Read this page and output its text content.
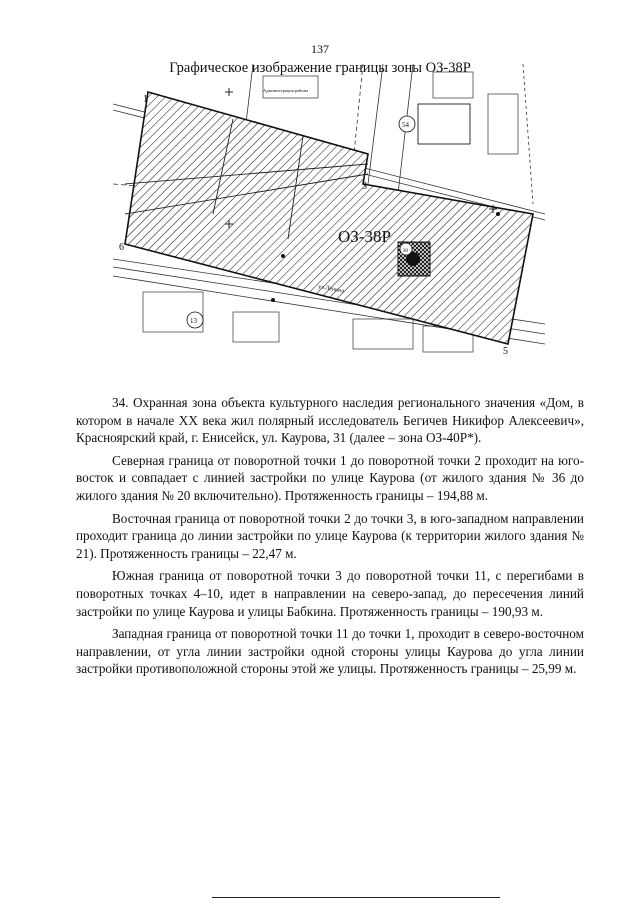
137
Графическое изображение границы зоны ОЗ-38Р
38
54
13
ОЗ-38Р
1
3
5
6
ул.Ленина
Администрация района

34. Охранная зона объекта культурного наследия регионального значения «Дом, в котором в начале XX века жил полярный исследователь Бегичев Никифор Алексеевич», Красноярский край, г. Енисейск, ул. Каурова, 31 (далее – зона ОЗ-40Р*).

Северная граница от поворотной точки 1 до поворотной точки 2 проходит на юго-восток и совпадает с линией застройки по улице Каурова (от жилого здания № 36 до жилого здания № 20 включительно). Протяженность границы – 194,88 м.

Восточная граница от поворотной точки 2 до точки 3, в юго-западном направлении проходит граница до линии застройки по улице Каурова (к территории жилого здания № 21). Протяженность границы – 22,47 м.

Южная граница от поворотной точки 3 до поворотной точки 11, с перегибами в поворотных точках 4–10, идет в направлении на северо-запад, до пересечения линий застройки по улице Каурова и улицы Бабкина. Протяженность границы – 190,93 м.

Западная граница от поворотной точки 11 до точки 1, проходит в северо-восточном направлении, от угла линии застройки одной стороны улицы Каурова до угла линии застройки противоположной стороны этой же улицы. Протяженность границы – 25,99 м.
